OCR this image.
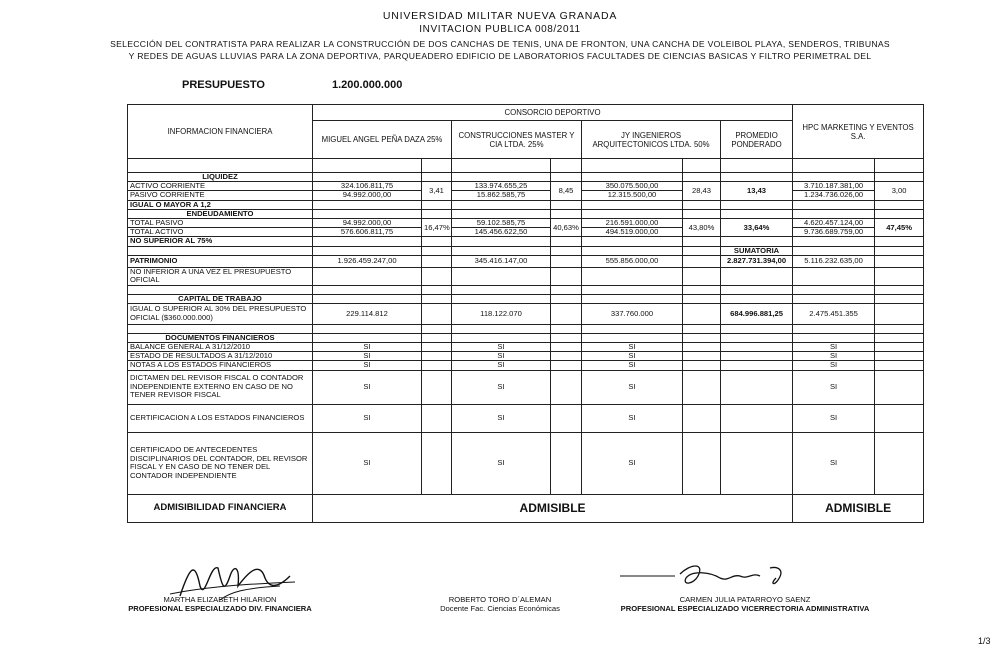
UNIVERSIDAD MILITAR NUEVA GRANADA
INVITACION PUBLICA 008/2011
SELECCIÓN DEL CONTRATISTA PARA REALIZAR LA CONSTRUCCIÓN DE DOS CANCHAS DE TENIS, UNA DE FRONTON, UNA CANCHA DE VOLEIBOL PLAYA, SENDEROS, TRIBUNAS
Y REDES DE AGUAS LLUVIAS PARA LA ZONA DEPORTIVA, PARQUEADERO EDIFICIO DE LABORATORIOS FACULTADES DE CIENCIAS BASICAS Y FILTRO PERIMETRAL DEL
PRESUPUESTO	1.200.000.000
INFORMACION FINANCIERA	CONSORCIO DEPORTIVO							HPC MARKETING Y EVENTOS S.A.	
	MIGUEL ANGEL PEÑA DAZA 25%		CONSTRUCCIONES MASTER Y CIA LTDA. 25%		JY INGENIEROS ARQUITECTONICOS LTDA. 50%		PROMEDIO PONDERADO		

LIQUIDEZ									
ACTIVO CORRIENTE	324.106.811,75	3,41	133.974.655,25	8,45	350.075.500,00	28,43	13,43	3.710.187.381,00	3,00
PASIVO CORRIENTE	94.992.000,00		15.862.585,75		12.315.500,00			1.234.736.026,00	
IGUAL O MAYOR A 1,2									
ENDEUDAMIENTO									
TOTAL PASIVO	94.992.000,00	16,47%	59.102.585,75	40,63%	216.591.000,00	43,80%	33,64%	4.620.457.124,00	47,45%
TOTAL ACTIVO	576.606.811,75		145.456.622,50		494.519.000,00			9.736.689.759,00	
NO SUPERIOR AL 75%									
							SUMATORIA		
PATRIMONIO	1.926.459.247,00		345.416.147,00		555.856.000,00		2.827.731.394,00	5.116.232.635,00	
NO INFERIOR A UNA VEZ EL PRESUPUESTO OFICIAL									

CAPITAL DE TRABAJO									
IGUAL O SUPERIOR AL 30% DEL PRESUPUESTO OFICIAL ($360.000.000)	229.114.812		118.122.070		337.760.000		684.996.881,25	2.475.451.355	

DOCUMENTOS FINANCIEROS									
BALANCE GENERAL A 31/12/2010	SI		SI		SI			SI	
ESTADO DE RESULTADOS A 31/12/2010	SI		SI		SI			SI	
NOTAS A LOS ESTADOS FINANCIEROS	SI		SI		SI			SI	
DICTAMEN DEL REVISOR FISCAL O CONTADOR INDEPENDIENTE EXTERNO EN CASO DE NO TENER REVISOR FISCAL	SI		SI		SI			SI	
CERTIFICACION A LOS ESTADOS FINANCIEROS	SI		SI		SI			SI	
CERTIFICADO DE ANTECEDENTES DISCIPLINARIOS DEL CONTADOR, DEL REVISOR FISCAL Y EN CASO DE NO TENER DEL CONTADOR INDEPENDIENTE	SI		SI		SI			SI	
ADMISIBILIDAD FINANCIERA	ADMISIBLE							ADMISIBLE	
MARTHA ELIZABETH HILARION
PROFESIONAL ESPECIALIZADO DIV. FINANCIERA
ROBERTO TORO D´ALEMAN
Docente Fac. Ciencias Económicas
CARMEN JULIA PATARROYO SAENZ
PROFESIONAL ESPECIALIZADO VICERRECTORIA ADMINISTRATIVA
1/3
